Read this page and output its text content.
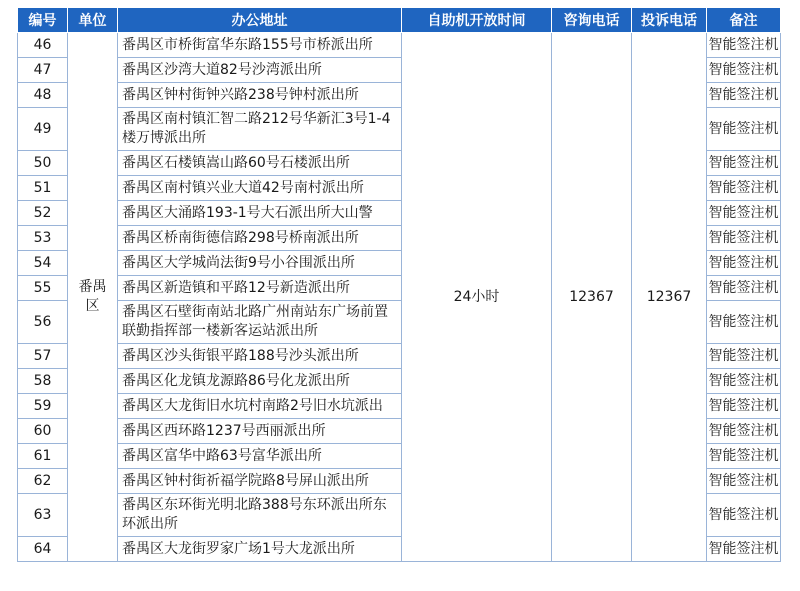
编号	单位	办公地址	自助机开放时间	咨询电话	投诉电话	备注
46	番禺区	番禺区市桥街富华东路155号市桥派出所	24小时	12367	12367	智能签注机
47		番禺区沙湾大道82号沙湾派出所				智能签注机
48		番禺区钟村街钟兴路238号钟村派出所				智能签注机
49		番禺区南村镇汇智二路212号华新汇3号1-4楼万博派出所				智能签注机
50		番禺区石楼镇嵩山路60号石楼派出所				智能签注机
51		番禺区南村镇兴业大道42号南村派出所				智能签注机
52		番禺区大涌路193-1号大石派出所大山警				智能签注机
53		番禺区桥南街德信路298号桥南派出所				智能签注机
54		番禺区大学城尚法街9号小谷围派出所				智能签注机
55		番禺区新造镇和平路12号新造派出所				智能签注机
56		番禺区石壁街南站北路广州南站东广场前置联勤指挥部一楼新客运站派出所				智能签注机
57		番禺区沙头街银平路188号沙头派出所				智能签注机
58		番禺区化龙镇龙源路86号化龙派出所				智能签注机
59		番禺区大龙街旧水坑村南路2号旧水坑派出				智能签注机
60		番禺区西环路1237号西丽派出所				智能签注机
61		番禺区富华中路63号富华派出所				智能签注机
62		番禺区钟村街祈福学院路8号屏山派出所				智能签注机
63		番禺区东环街光明北路388号东环派出所东环派出所				智能签注机
64		番禺区大龙街罗家广场1号大龙派出所				智能签注机
